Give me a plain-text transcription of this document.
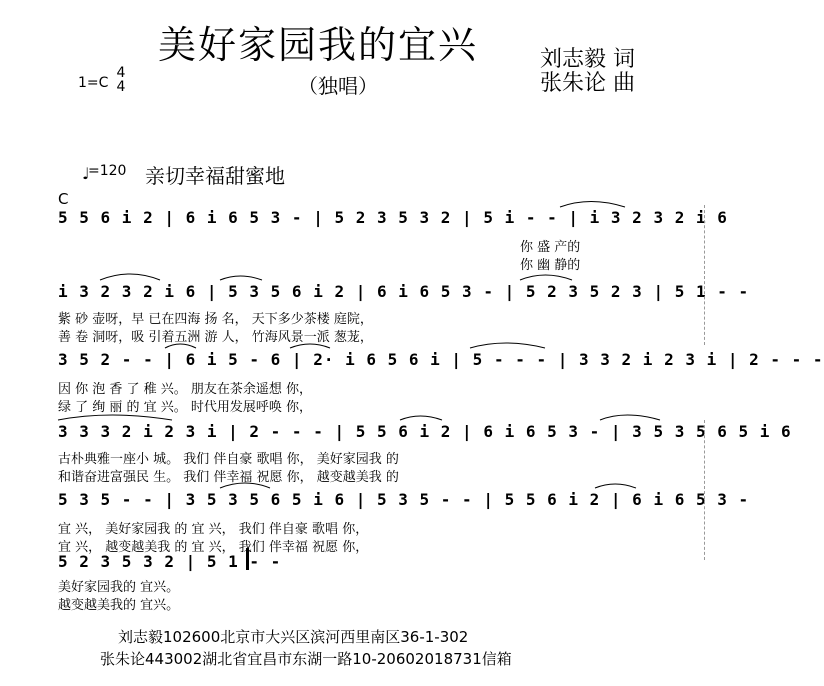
美好家园我的宜兴
（独唱）
刘志毅 词
张朱论 曲
1=C
4
4
♩
=120 亲切幸福甜蜜地
C
5 5 6 i 2 | 6 i 6 5 3 - | 5 2 3 5 3 2 | 5 i - - | i 3 2 3 2 i 6
你 盛 产的
你 幽 静的
i 3 2 3 2 i 6 | 5 3 5 6 i 2 | 6 i 6 5 3 - | 5 2 3 5 2 3 | 5 1 - -
紫 砂 壶呀，早 已在四海 扬 名， 天下多少茶楼 庭院，
善 卷 洞呀，吸 引着五洲 游 人， 竹海风景一派 葱茏，
3 5 2 - - | 6 i 5 - 6 | 2· i 6 5 6 i | 5 - - - | 3 3 2 i 2 3 i | 2 - - -
因 你 泡 香 了 稚 兴。 朋友在茶余遥想 你，
绿 了 绚 丽 的 宜 兴。 时代用发展呼唤 你，
3 3 3 2 i 2 3 i | 2 - - - | 5 5 6 i 2 | 6 i 6 5 3 - | 3 5 3 5 6 5 i 6
古朴典雅一座小 城。 我们 伴自豪 歌唱 你， 美好家园我 的
和谐奋进富强民 生。 我们 伴幸福 祝愿 你， 越变越美我 的
5 3 5 - - | 3 5 3 5 6 5 i 6 | 5 3 5 - - | 5 5 6 i 2 | 6 i 6 5 3 -
宜 兴， 美好家园我 的 宜 兴， 我们 伴自豪 歌唱 你，
宜 兴， 越变越美我 的 宜 兴， 我们 伴幸福 祝愿 你，
5 2 3 5 3 2 | 5 1 - -
美好家园我的 宜兴。
越变越美我的 宜兴。
刘志毅102600北京市大兴区滨河西里南区36-1-302
张朱论443002湖北省宜昌市东湖一路10-20602018731信箱
